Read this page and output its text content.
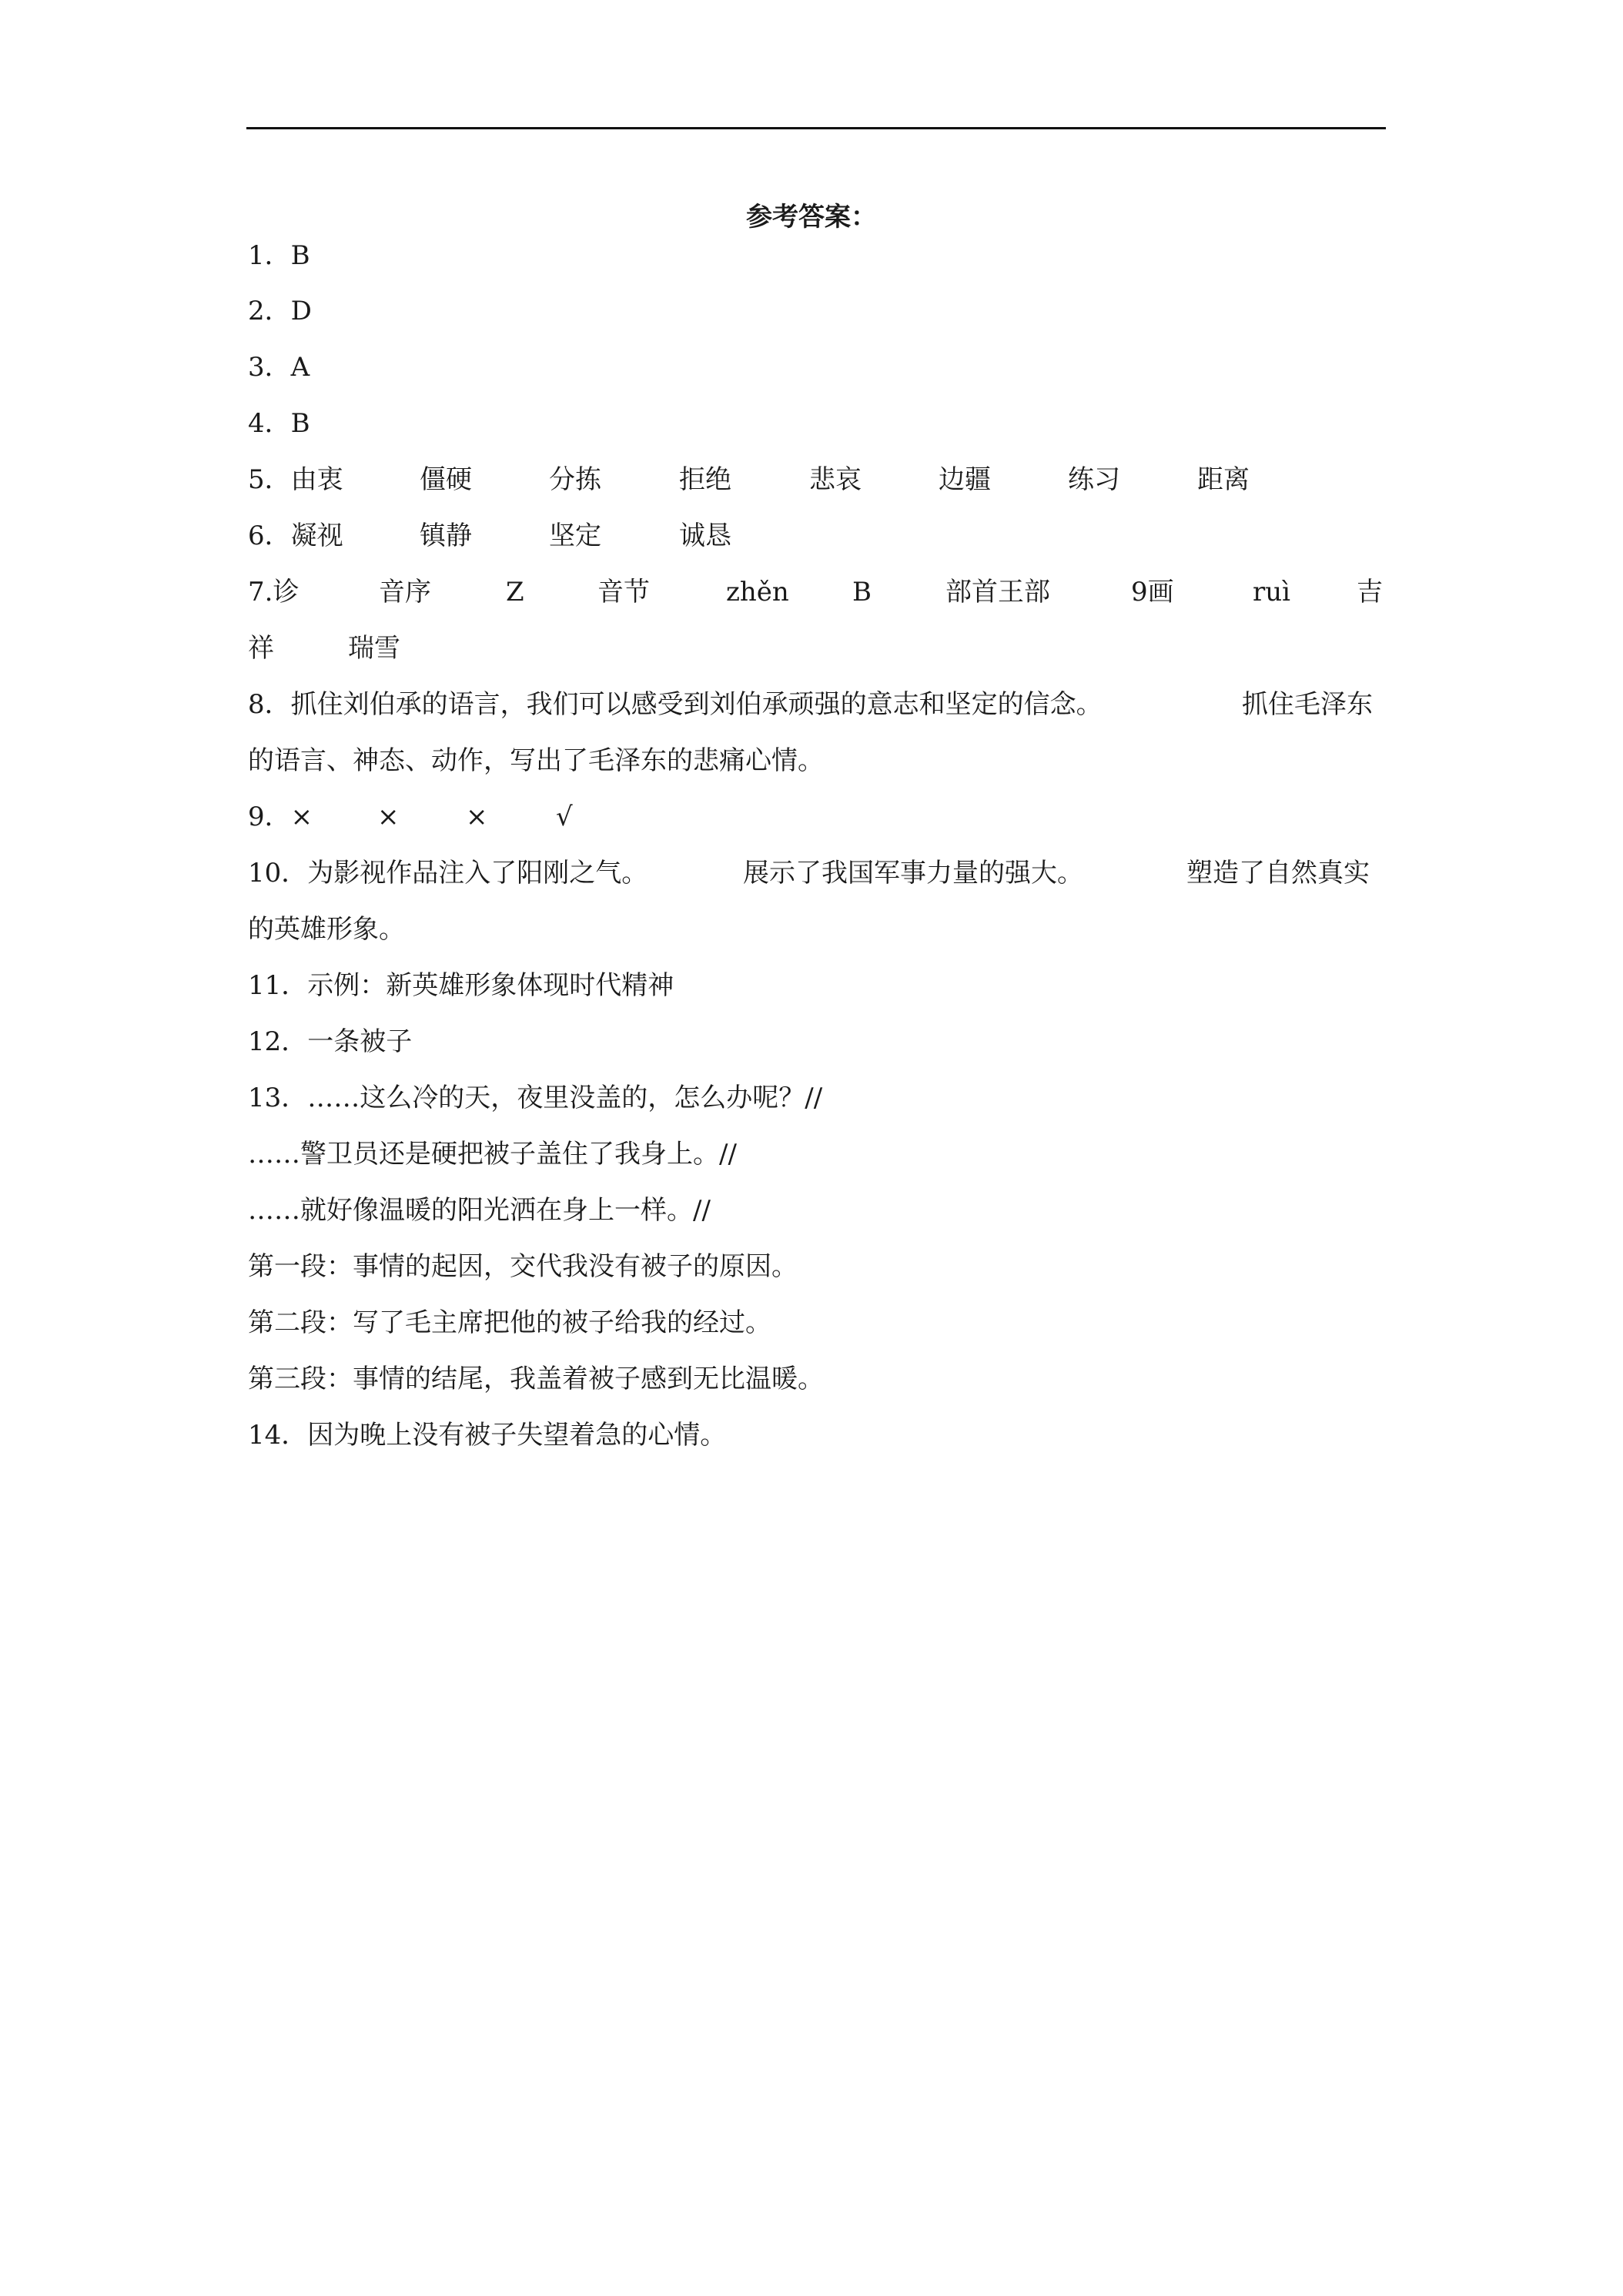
参考答案：
1．B
2．D
3．A
4．B
5．由衷	僵硬	分拣	拒绝	悲哀	边疆	练习	距离
6．凝视	镇静	坚定	诚恳
7.诊	音序	Z	音节	zhěn B	部首王部	9画	ruì	吉
祥	瑞雪
8．抓住刘伯承的语言，我们可以感受到刘伯承顽强的意志和坚定的信念。	抓住毛泽东
的语言、神态、动作，写出了毛泽东的悲痛心情。
9．× ×	×	√
10．为影视作品注入了阳刚之气。	展示了我国军事力量的强大。	塑造了自然真实
的英雄形象。
11．示例：新英雄形象体现时代精神
12．一条被子
13．……这么冷的天，夜里没盖的，怎么办呢？//
……警卫员还是硬把被子盖住了我身上。//
……就好像温暖的阳光洒在身上一样。//
第一段：事情的起因，交代我没有被子的原因。
第二段：写了毛主席把他的被子给我的经过。
第三段：事情的结尾，我盖着被子感到无比温暖。
14．因为晚上没有被子失望着急的心情。
